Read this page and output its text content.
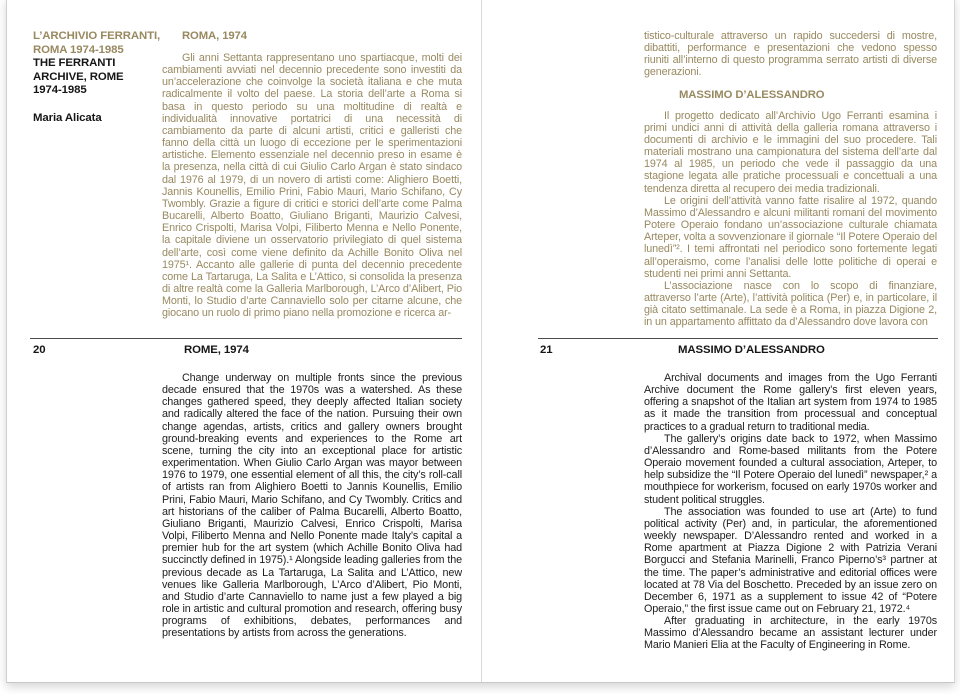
L’ARCHIVIO FERRANTI,
ROMA 1974-1985
THE FERRANTI
ARCHIVE, ROME
1974-1985
Maria Alicata
ROMA, 1974

Gli anni Settanta rappresentano uno spartiacque, molti dei cambiamenti avviati nel decennio precedente sono investiti da un’accelerazione che coinvolge la società italiana e che muta radicalmente il volto del paese. La storia dell’arte a Roma si basa in questo periodo su una moltitudine di realtà e individualità innovative portatrici di una necessità di cambiamento da parte di alcuni artisti, critici e galleristi che fanno della città un luogo di eccezione per le sperimentazioni artistiche. Elemento essenziale nel decennio preso in esame è la presenza, nella città di cui Giulio Carlo Argan è stato sindaco dal 1976 al 1979, di un novero di artisti come: Alighiero Boetti, Jannis Kounellis, Emilio Prini, Fabio Mauri, Mario Schifano, Cy Twombly. Grazie a figure di critici e storici dell’arte come Palma Bucarelli, Alberto Boatto, Giuliano Briganti, Maurizio Calvesi, Enrico Crispolti, Marisa Volpi, Filiberto Menna e Nello Ponente, la capitale diviene un osservatorio privilegiato di quel sistema dell’arte, così come viene definito da Achille Bonito Oliva nel 1975¹. Accanto alle gallerie di punta del decennio precedente come La Tartaruga, La Salita e L’Attico, si consolida la presenza di altre realtà come la Galleria Marlborough, L’Arco d’Alibert, Pio Monti, lo Studio d’arte Cannaviello solo per citarne alcune, che giocano un ruolo di primo piano nella promozione e ricerca ar-

20	ROME, 1974

Change underway on multiple fronts since the previous decade ensured that the 1970s was a watershed. As these changes gathered speed, they deeply affected Italian society and radically altered the face of the nation. Pursuing their own change agendas, artists, critics and gallery owners brought ground-breaking events and experiences to the Rome art scene, turning the city into an exceptional place for artistic experimentation. When Giulio Carlo Argan was mayor between 1976 to 1979, one essential element of all this, the city’s roll-call of artists ran from Alighiero Boetti to Jannis Kounellis, Emilio Prini, Fabio Mauri, Mario Schifano, and Cy Twombly. Critics and art historians of the caliber of Palma Bucarelli, Alberto Boatto, Giuliano Briganti, Maurizio Calvesi, Enrico Crispolti, Marisa Volpi, Filiberto Menna and Nello Ponente made Italy’s capital a premier hub for the art system (which Achille Bonito Oliva had succinctly defined in 1975).¹ Alongside leading galleries from the previous decade as La Tartaruga, La Salita and L’Attico, new venues like Galleria Marlborough, L’Arco d’Alibert, Pio Monti, and Studio d’arte Cannaviello to name just a few played a big role in artistic and cultural promotion and research, offering busy programs of exhibitions, debates, performances and presentations by artists from across the generations.

tistico-culturale attraverso un rapido succedersi di mostre, dibattiti, performance e presentazioni che vedono spesso riuniti all’interno di questo programma serrato artisti di diverse generazioni.

MASSIMO D’ALESSANDRO

Il progetto dedicato all’Archivio Ugo Ferranti esamina i primi undici anni di attività della galleria romana attraverso i documenti di archivio e le immagini del suo procedere. Tali materiali mostrano una campionatura del sistema dell’arte dal 1974 al 1985, un periodo che vede il passaggio da una stagione legata alle pratiche processuali e concettuali a una tendenza diretta al recupero dei media tradizionali.

Le origini dell’attività vanno fatte risalire al 1972, quando Massimo d’Alessandro e alcuni militanti romani del movimento Potere Operaio fondano un’associazione culturale chiamata Arteper, volta a sovvenzionare il giornale “Il Potere Operaio del lunedì”². I temi affrontati nel periodico sono fortemente legati all’operaismo, come l’analisi delle lotte politiche di operai e studenti nei primi anni Settanta.

L’associazione nasce con lo scopo di finanziare, attraverso l’arte (Arte), l’attività politica (Per) e, in particolare, il già citato settimanale. La sede è a Roma, in piazza Digione 2, in un appartamento affittato da d’Alessandro dove lavora con

21	MASSIMO D’ALESSANDRO

Archival documents and images from the Ugo Ferranti Archive document the Rome gallery’s first eleven years, offering a snapshot of the Italian art system from 1974 to 1985 as it made the transition from processual and conceptual practices to a gradual return to traditional media.

The gallery’s origins date back to 1972, when Massimo d’Alessandro and Rome-based militants from the Potere Operaio movement founded a cultural association, Arteper, to help subsidize the “Il Potere Operaio del lunedì” newspaper,² a mouthpiece for workerism, focused on early 1970s worker and student political struggles.

The association was founded to use art (Arte) to fund political activity (Per) and, in particular, the aforementioned weekly newspaper. D’Alessandro rented and worked in a Rome apartment at Piazza Digione 2 with Patrizia Verani Borgucci and Stefania Marinelli, Franco Piperno’s³ partner at the time. The paper’s administrative and editorial offices were located at 78 Via del Boschetto. Preceded by an issue zero on December 6, 1971 as a supplement to issue 42 of “Potere Operaio,” the first issue came out on February 21, 1972.⁴

After graduating in architecture, in the early 1970s Massimo d’Alessandro became an assistant lecturer under Mario Manieri Elia at the Faculty of Engineering in Rome.
